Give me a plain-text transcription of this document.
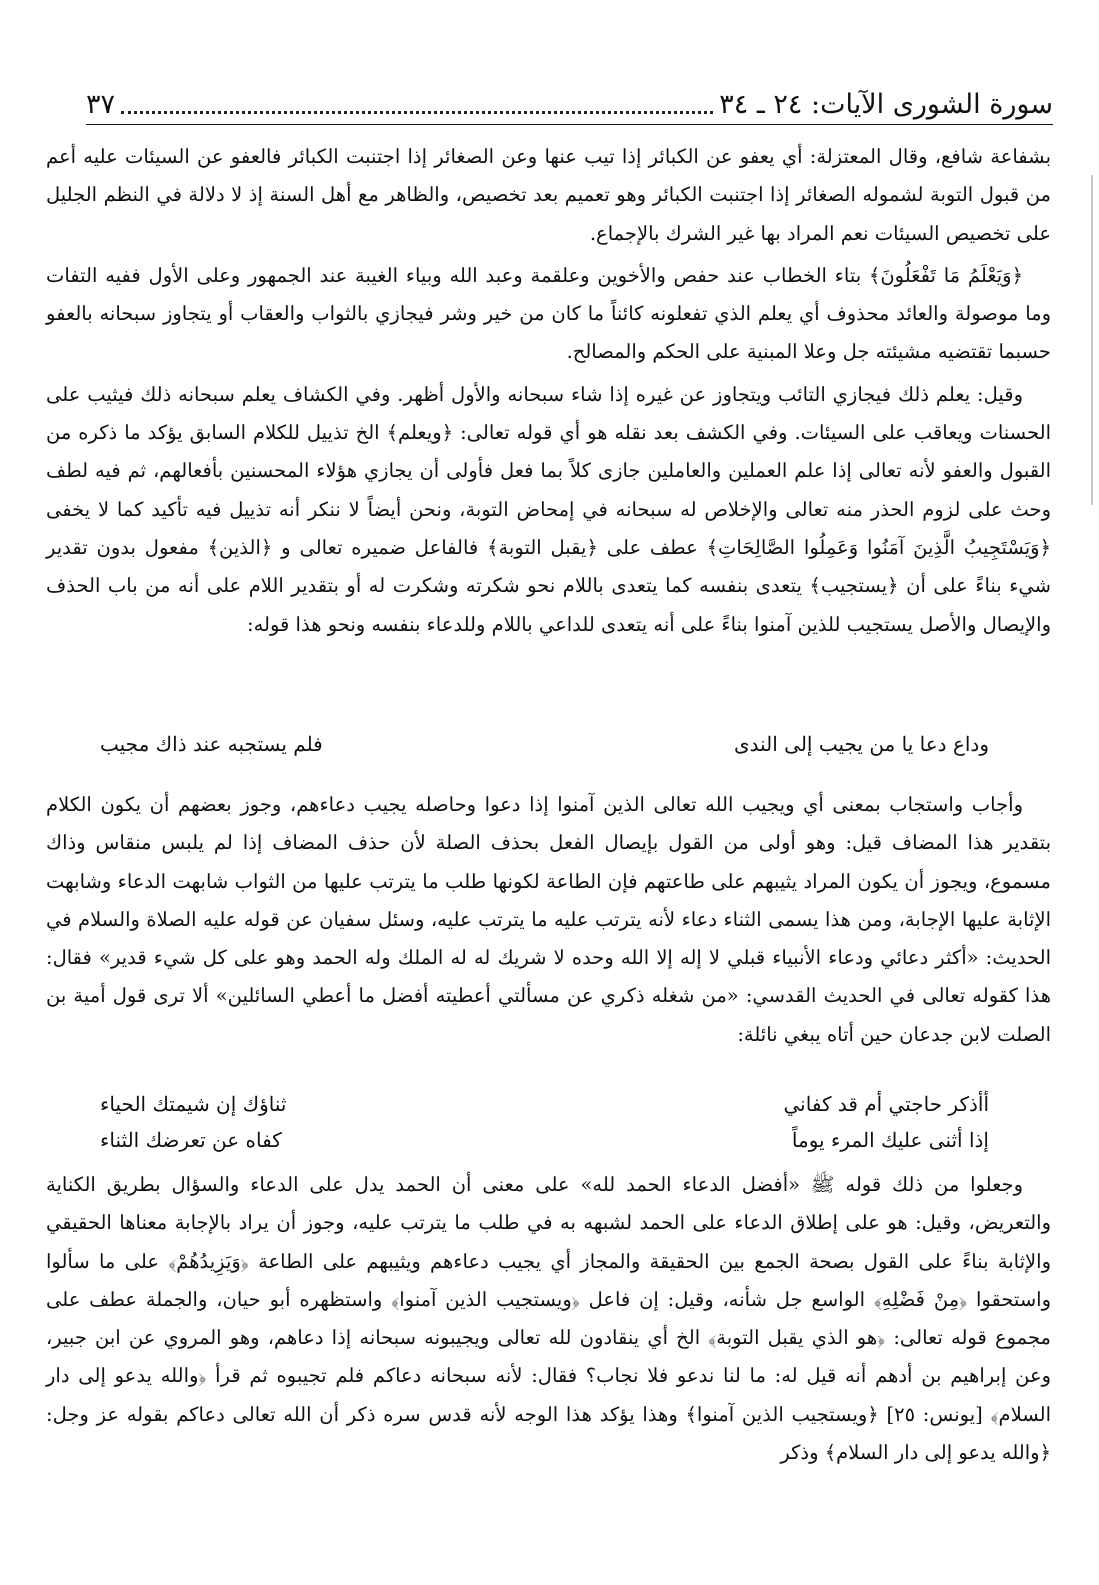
سورة الشورى الآيات: ٢٤ ـ ٣٤
٣٧

بشفاعة شافع، وقال المعتزلة: أي يعفو عن الكبائر إذا تيب عنها وعن الصغائر إذا اجتنبت الكبائر فالعفو عن السيئات عليه أعم من قبول التوبة لشموله الصغائر إذا اجتنبت الكبائر وهو تعميم بعد تخصيص، والظاهر مع أهل السنة إذ لا دلالة في النظم الجليل على تخصيص السيئات نعم المراد بها غير الشرك بالإجماع.

﴿وَيَعْلَمُ مَا تَفْعَلُونَ﴾ بتاء الخطاب عند حفص والأخوين وعلقمة وعبد الله وبياء الغيبة عند الجمهور وعلى الأول ففيه التفات وما موصولة والعائد محذوف أي يعلم الذي تفعلونه كائناً ما كان من خير وشر فيجازي بالثواب والعقاب أو يتجاوز سبحانه بالعفو حسبما تقتضيه مشيئته جل وعلا المبنية على الحكم والمصالح.

وقيل: يعلم ذلك فيجازي التائب ويتجاوز عن غيره إذا شاء سبحانه والأول أظهر. وفي الكشاف يعلم سبحانه ذلك فيثيب على الحسنات ويعاقب على السيئات. وفي الكشف بعد نقله هو أي قوله تعالى: ﴿ويعلم﴾ الخ تذييل للكلام السابق يؤكد ما ذكره من القبول والعفو لأنه تعالى إذا علم العملين والعاملين جازى كلاً بما فعل فأولى أن يجازي هؤلاء المحسنين بأفعالهم، ثم فيه لطف وحث على لزوم الحذر منه تعالى والإخلاص له سبحانه في إمحاض التوبة، ونحن أيضاً لا ننكر أنه تذييل فيه تأكيد كما لا يخفى ﴿وَيَسْتَجِيبُ الَّذِينَ آمَنُوا وَعَمِلُوا الصَّالِحَاتِ﴾ عطف على ﴿يقبل التوبة﴾ فالفاعل ضميره تعالى و ﴿الذين﴾ مفعول بدون تقدير شيء بناءً على أن ﴿يستجيب﴾ يتعدى بنفسه كما يتعدى باللام نحو شكرته وشكرت له أو بتقدير اللام على أنه من باب الحذف والإيصال والأصل يستجيب للذين آمنوا بناءً على أنه يتعدى للداعي باللام وللدعاء بنفسه ونحو هذا قوله:

وداع دعا يا من يجيب إلى الندى
فلم يستجبه عند ذاك مجيب

وأجاب واستجاب بمعنى أي ويجيب الله تعالى الذين آمنوا إذا دعوا وحاصله يجيب دعاءهم، وجوز بعضهم أن يكون الكلام بتقدير هذا المضاف قيل: وهو أولى من القول بإيصال الفعل بحذف الصلة لأن حذف المضاف إذا لم يلبس منقاس وذاك مسموع، ويجوز أن يكون المراد يثيبهم على طاعتهم فإن الطاعة لكونها طلب ما يترتب عليها من الثواب شابهت الدعاء وشابهت الإثابة عليها الإجابة، ومن هذا يسمى الثناء دعاء لأنه يترتب عليه ما يترتب عليه، وسئل سفيان عن قوله عليه الصلاة والسلام في الحديث: «أكثر دعائي ودعاء الأنبياء قبلي لا إله إلا الله وحده لا شريك له له الملك وله الحمد وهو على كل شيء قدير» فقال: هذا كقوله تعالى في الحديث القدسي: «من شغله ذكري عن مسألتي أعطيته أفضل ما أعطي السائلين» ألا ترى قول أمية بن الصلت لابن جدعان حين أتاه يبغي نائلة:

أأذكر حاجتي أم قد كفاني
ثناؤك إن شيمتك الحياء
إذا أثنى عليك المرء يوماً
كفاه عن تعرضك الثناء

وجعلوا من ذلك قوله ﷺ «أفضل الدعاء الحمد لله» على معنى أن الحمد يدل على الدعاء والسؤال بطريق الكناية والتعريض، وقيل: هو على إطلاق الدعاء على الحمد لشبهه به في طلب ما يترتب عليه، وجوز أن يراد بالإجابة معناها الحقيقي والإثابة بناءً على القول بصحة الجمع بين الحقيقة والمجاز أي يجيب دعاءهم ويثيبهم على الطاعة ﴿وَيَزِيدُهُمْ﴾ على ما سألوا واستحقوا ﴿مِنْ فَضْلِهِ﴾ الواسع جل شأنه، وقيل: إن فاعل ﴿ويستجيب الذين آمنوا﴾ واستظهره أبو حيان، والجملة عطف على مجموع قوله تعالى: ﴿هو الذي يقبل التوبة﴾ الخ أي ينقادون لله تعالى ويجيبونه سبحانه إذا دعاهم، وهو المروي عن ابن جبير، وعن إبراهيم بن أدهم أنه قيل له: ما لنا ندعو فلا نجاب؟ فقال: لأنه سبحانه دعاكم فلم تجيبوه ثم قرأ ﴿والله يدعو إلى دار السلام﴾ [يونس: ٢٥] ﴿ويستجيب الذين آمنوا﴾ وهذا يؤكد هذا الوجه لأنه قدس سره ذكر أن الله تعالى دعاكم بقوله عز وجل: ﴿والله يدعو إلى دار السلام﴾ وذكر
